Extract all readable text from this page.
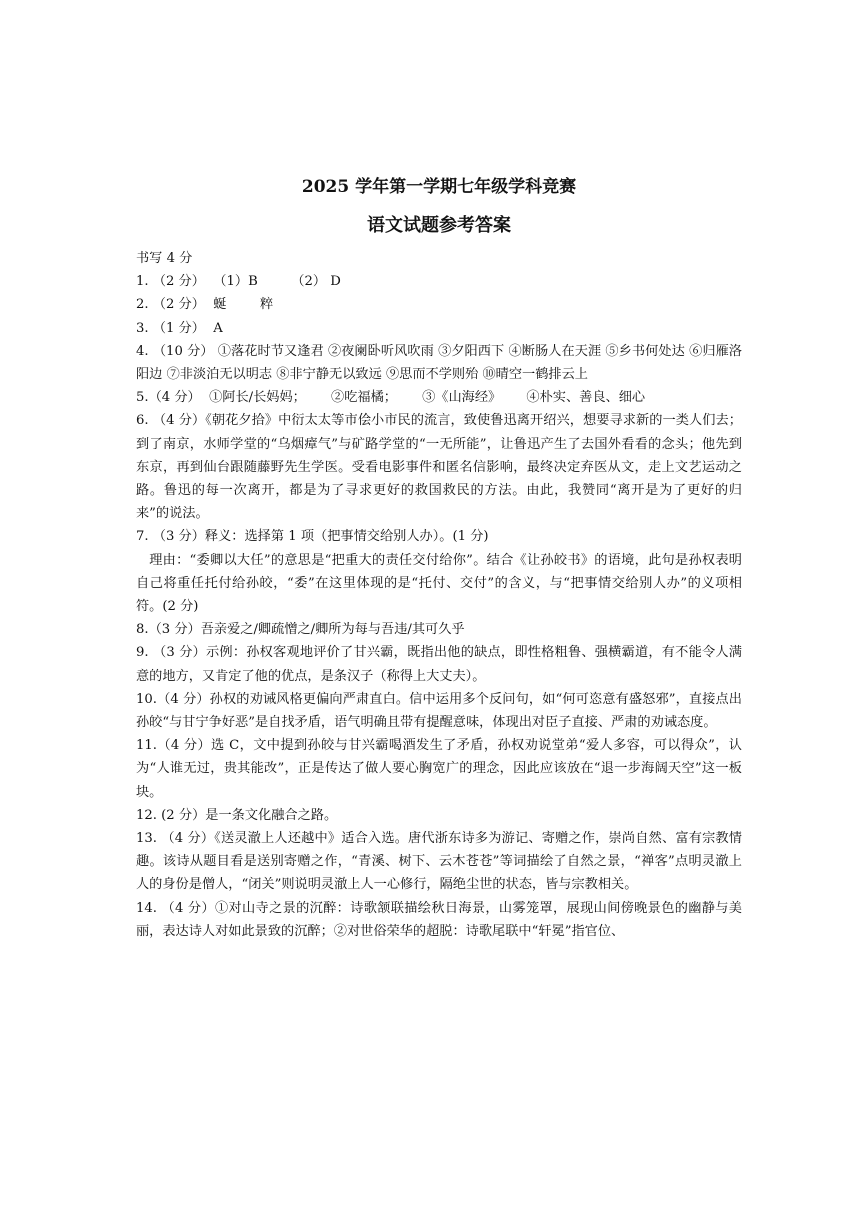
2025 学年第一学期七年级学科竞赛
语文试题参考答案

书写 4 分

1. （2 分）  （1）B        （2） D

2. （2 分）  蜒        粹

3. （1 分）  A

4. （10 分） ①落花时节又逢君 ②夜阑卧听风吹雨 ③夕阳西下 ④断肠人在天涯 ⑤乡书何处达 ⑥归雁洛阳边 ⑦非淡泊无以明志 ⑧非宁静无以致远 ⑨思而不学则殆 ⑩晴空一鹤排云上

5.（4 分）  ①阿长/长妈妈；      ②吃福橘；      ③《山海经》      ④朴实、善良、细心

6. （4 分）《朝花夕拾》中衍太太等市侩小市民的流言，致使鲁迅离开绍兴，想要寻求新的一类人们去；到了南京，水师学堂的“乌烟瘴气”与矿路学堂的“一无所能”，让鲁迅产生了去国外看看的念头；他先到东京，再到仙台跟随藤野先生学医。受看电影事件和匿名信影响，最终决定弃医从文，走上文艺运动之路。鲁迅的每一次离开，都是为了寻求更好的救国救民的方法。由此，我赞同“离开是为了更好的归来”的说法。

7. （3 分）释义：选择第 1 项（把事情交给别人办）。(1 分)

理由：“委卿以大任”的意思是“把重大的责任交付给你”。结合《让孙皎书》的语境，此句是孙权表明自己将重任托付给孙皎，“委”在这里体现的是“托付、交付”的含义，与“把事情交给别人办”的义项相符。(2 分)

8.（3 分）吾亲爱之/卿疏憎之/卿所为每与吾违/其可久乎

9. （3 分）示例：孙权客观地评价了甘兴霸，既指出他的缺点，即性格粗鲁、强横霸道，有不能令人满意的地方，又肯定了他的优点，是条汉子（称得上大丈夫）。

10.（4 分）孙权的劝诫风格更偏向严肃直白。信中运用多个反问句，如“何可恣意有盛怒邪”，直接点出孙皎“与甘宁争好恶”是自找矛盾，语气明确且带有提醒意味，体现出对臣子直接、严肃的劝诫态度。

11.（4 分）选 C，文中提到孙皎与甘兴霸喝酒发生了矛盾，孙权劝说堂弟“爱人多容，可以得众”，认为“人谁无过，贵其能改”，正是传达了做人要心胸宽广的理念，因此应该放在“退一步海阔天空”这一板块。

12. (2 分）是一条文化融合之路。

13. （4 分）《送灵澈上人还越中》适合入选。唐代浙东诗多为游记、寄赠之作，崇尚自然、富有宗教情趣。该诗从题目看是送别寄赠之作，“青溪、树下、云木苍苍”等词描绘了自然之景，“禅客”点明灵澈上人的身份是僧人，“闭关”则说明灵澈上人一心修行，隔绝尘世的状态，皆与宗教相关。

14. （4 分）①对山寺之景的沉醉：诗歌颔联描绘秋日海景，山雾笼罩，展现山间傍晚景色的幽静与美丽，表达诗人对如此景致的沉醉；②对世俗荣华的超脱：诗歌尾联中“轩冕”指官位、
